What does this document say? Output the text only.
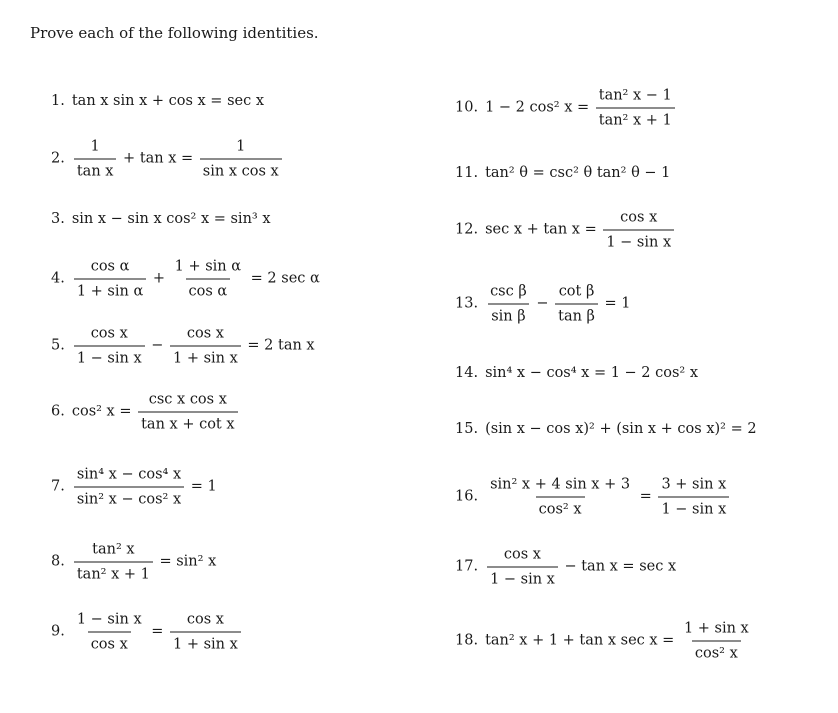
Prove each of the following identities.
1. tan x sin x + cos x = sec x
2. $\frac{1}{\text{tan x}} + \tan x = \frac{1}{\text{sin x cos x}}$
3. sin x − sin x cos² x = sin³ x
4. $\frac{\text{cos α}}{\text{1 + sin α}} + \frac{\text{1 + sin α}}{\text{cos α}} = 2$ sec α
5. $\frac{\text{cos x}}{\text{1 − sin x}} - \frac{\text{cos x}}{\text{1 + sin x}} = 2$ tan x
6. cos² $x = \frac{\text{csc x cos x}}{\text{tan x + cot x}}$
7. $\frac{\text{sin⁴ x − cos⁴ x}}{\text{sin² x − cos² x}} = 1$
8. $\frac{\text{tan² x}}{\text{tan² x + 1}} = \sin^2$ x
9. $\frac{\text{1 − sin x}}{\text{cos x}} = \frac{\text{cos x}}{\text{1 + sin x}}$
10. 1 − 2 cos² $x = \frac{\text{tan² x − 1}}{\text{tan² x + 1}}$
11. tan² θ = csc² θ tan² θ − 1
12. $\sec x + \tan x = \frac{\text{cos x}}{\text{1 − sin x}}$
13. $\frac{\text{csc β}}{\text{sin β}} - \frac{\text{cot β}}{\text{tan β}} = 1$
14. sin⁴ x − cos⁴ x = 1 − 2 cos² x
15. (sin x − cos x)² + (sin x + cos x)² = 2
16. $\frac{\text{sin² x + 4 sin x + 3}}{\text{cos² x}} = \frac{\text{3 + sin x}}{\text{1 − sin x}}$
17. $\frac{\text{cos x}}{\text{1 − sin x}} - \tan x = \sec x$
18. tan² x + 1 + tan x $\sec x = \frac{\text{1 + sin x}}{\text{cos² x}}$
